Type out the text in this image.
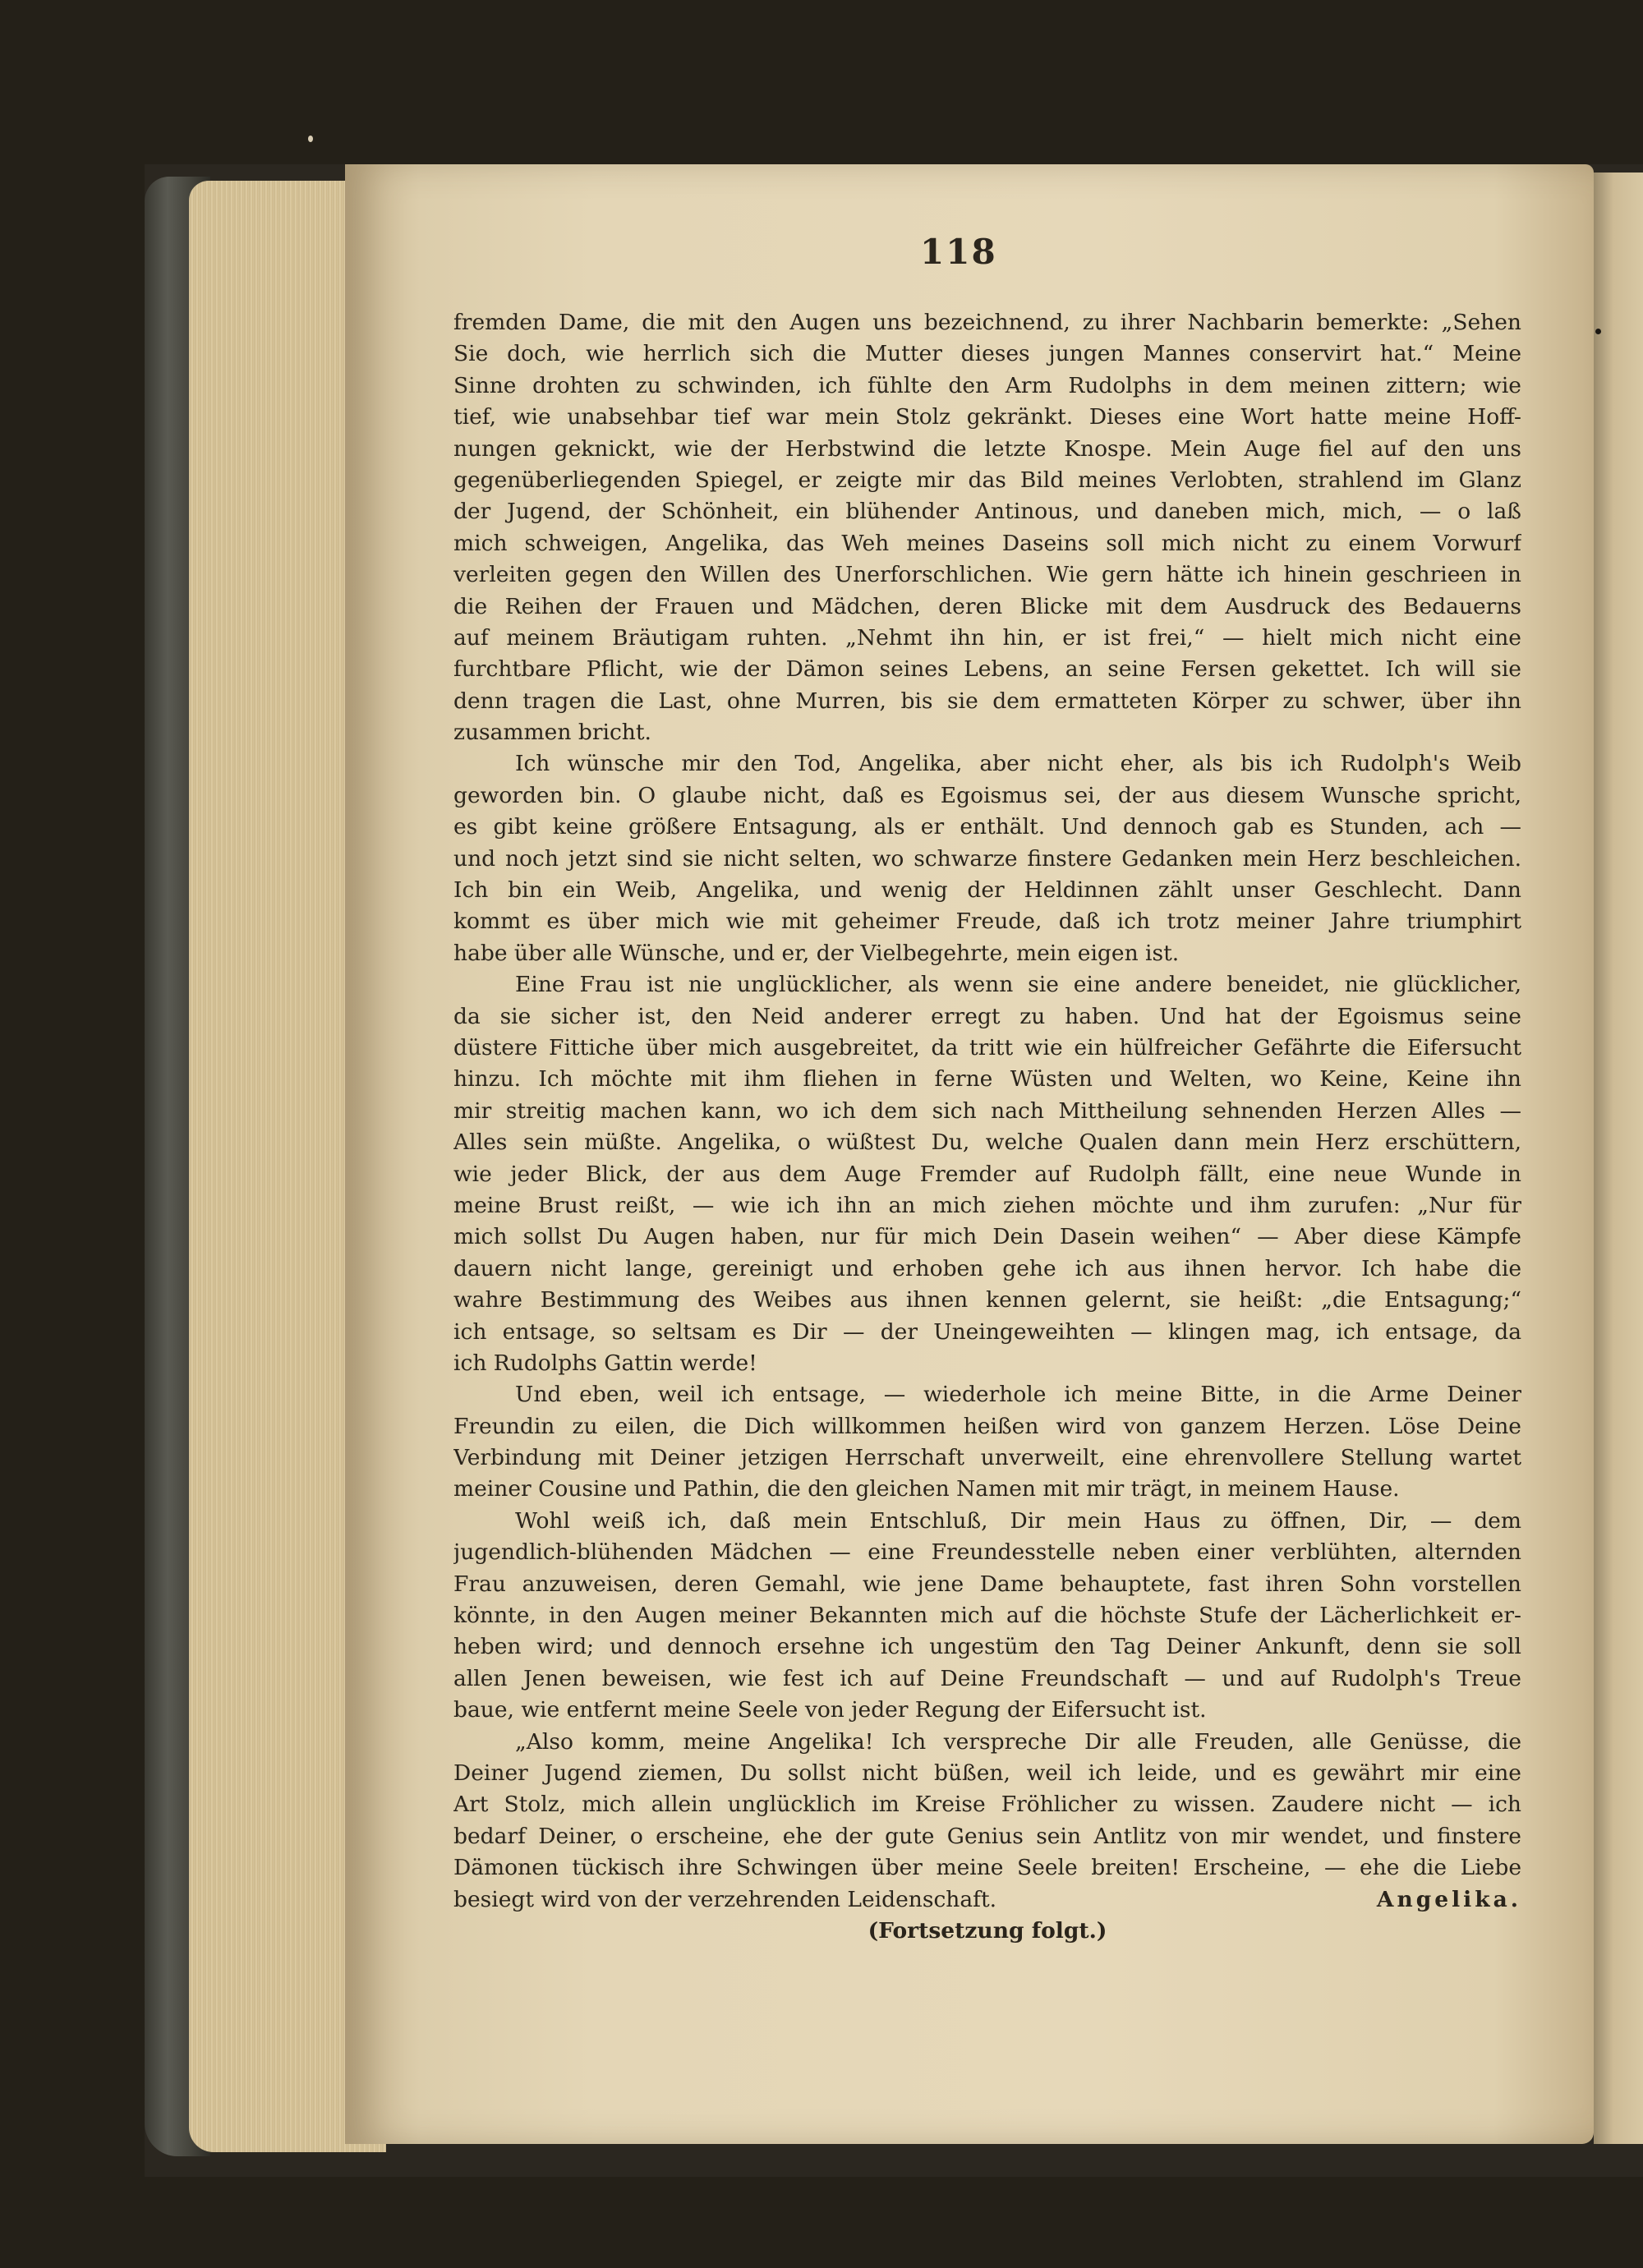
118
fremden Dame, die mit den Augen uns bezeichnend, zu ihrer Nachbarin bemerkte: „Sehen
Sie doch, wie herrlich sich die Mutter dieses jungen Mannes conservirt hat.“ Meine
Sinne drohten zu schwinden, ich fühlte den Arm Rudolphs in dem meinen zittern; wie
tief, wie unabsehbar tief war mein Stolz gekränkt. Dieses eine Wort hatte meine Hoff-
nungen geknickt, wie der Herbstwind die letzte Knospe. Mein Auge fiel auf den uns
gegenüberliegenden Spiegel, er zeigte mir das Bild meines Verlobten, strahlend im Glanz
der Jugend, der Schönheit, ein blühender Antinous, und daneben mich, mich, — o laß
mich schweigen, Angelika, das Weh meines Daseins soll mich nicht zu einem Vorwurf
verleiten gegen den Willen des Unerforschlichen. Wie gern hätte ich hinein geschrieen in
die Reihen der Frauen und Mädchen, deren Blicke mit dem Ausdruck des Bedauerns
auf meinem Bräutigam ruhten. „Nehmt ihn hin, er ist frei,“ — hielt mich nicht eine
furchtbare Pflicht, wie der Dämon seines Lebens, an seine Fersen gekettet. Ich will sie
denn tragen die Last, ohne Murren, bis sie dem ermatteten Körper zu schwer, über ihn
zusammen bricht.
Ich wünsche mir den Tod, Angelika, aber nicht eher, als bis ich Rudolph's Weib
geworden bin. O glaube nicht, daß es Egoismus sei, der aus diesem Wunsche spricht,
es gibt keine größere Entsagung, als er enthält. Und dennoch gab es Stunden, ach —
und noch jetzt sind sie nicht selten, wo schwarze finstere Gedanken mein Herz beschleichen.
Ich bin ein Weib, Angelika, und wenig der Heldinnen zählt unser Geschlecht. Dann
kommt es über mich wie mit geheimer Freude, daß ich trotz meiner Jahre triumphirt
habe über alle Wünsche, und er, der Vielbegehrte, mein eigen ist.
Eine Frau ist nie unglücklicher, als wenn sie eine andere beneidet, nie glücklicher,
da sie sicher ist, den Neid anderer erregt zu haben. Und hat der Egoismus seine
düstere Fittiche über mich ausgebreitet, da tritt wie ein hülfreicher Gefährte die Eifersucht
hinzu. Ich möchte mit ihm fliehen in ferne Wüsten und Welten, wo Keine, Keine ihn
mir streitig machen kann, wo ich dem sich nach Mittheilung sehnenden Herzen Alles —
Alles sein müßte. Angelika, o wüßtest Du, welche Qualen dann mein Herz erschüttern,
wie jeder Blick, der aus dem Auge Fremder auf Rudolph fällt, eine neue Wunde in
meine Brust reißt, — wie ich ihn an mich ziehen möchte und ihm zurufen: „Nur für
mich sollst Du Augen haben, nur für mich Dein Dasein weihen“ — Aber diese Kämpfe
dauern nicht lange, gereinigt und erhoben gehe ich aus ihnen hervor. Ich habe die
wahre Bestimmung des Weibes aus ihnen kennen gelernt, sie heißt: „die Entsagung;“
ich entsage, so seltsam es Dir — der Uneingeweihten — klingen mag, ich entsage, da
ich Rudolphs Gattin werde!
Und eben, weil ich entsage, — wiederhole ich meine Bitte, in die Arme Deiner
Freundin zu eilen, die Dich willkommen heißen wird von ganzem Herzen. Löse Deine
Verbindung mit Deiner jetzigen Herrschaft unverweilt, eine ehrenvollere Stellung wartet
meiner Cousine und Pathin, die den gleichen Namen mit mir trägt, in meinem Hause.
Wohl weiß ich, daß mein Entschluß, Dir mein Haus zu öffnen, Dir, — dem
jugendlich-blühenden Mädchen — eine Freundesstelle neben einer verblühten, alternden
Frau anzuweisen, deren Gemahl, wie jene Dame behauptete, fast ihren Sohn vorstellen
könnte, in den Augen meiner Bekannten mich auf die höchste Stufe der Lächerlichkeit er-
heben wird; und dennoch ersehne ich ungestüm den Tag Deiner Ankunft, denn sie soll
allen Jenen beweisen, wie fest ich auf Deine Freundschaft — und auf Rudolph's Treue
baue, wie entfernt meine Seele von jeder Regung der Eifersucht ist.
„Also komm, meine Angelika! Ich verspreche Dir alle Freuden, alle Genüsse, die
Deiner Jugend ziemen, Du sollst nicht büßen, weil ich leide, und es gewährt mir eine
Art Stolz, mich allein unglücklich im Kreise Fröhlicher zu wissen. Zaudere nicht — ich
bedarf Deiner, o erscheine, ehe der gute Genius sein Antlitz von mir wendet, und finstere
Dämonen tückisch ihre Schwingen über meine Seele breiten! Erscheine, — ehe die Liebe
besiegt wird von der verzehrenden Leidenschaft.	Angelika.
(Fortsetzung folgt.)
